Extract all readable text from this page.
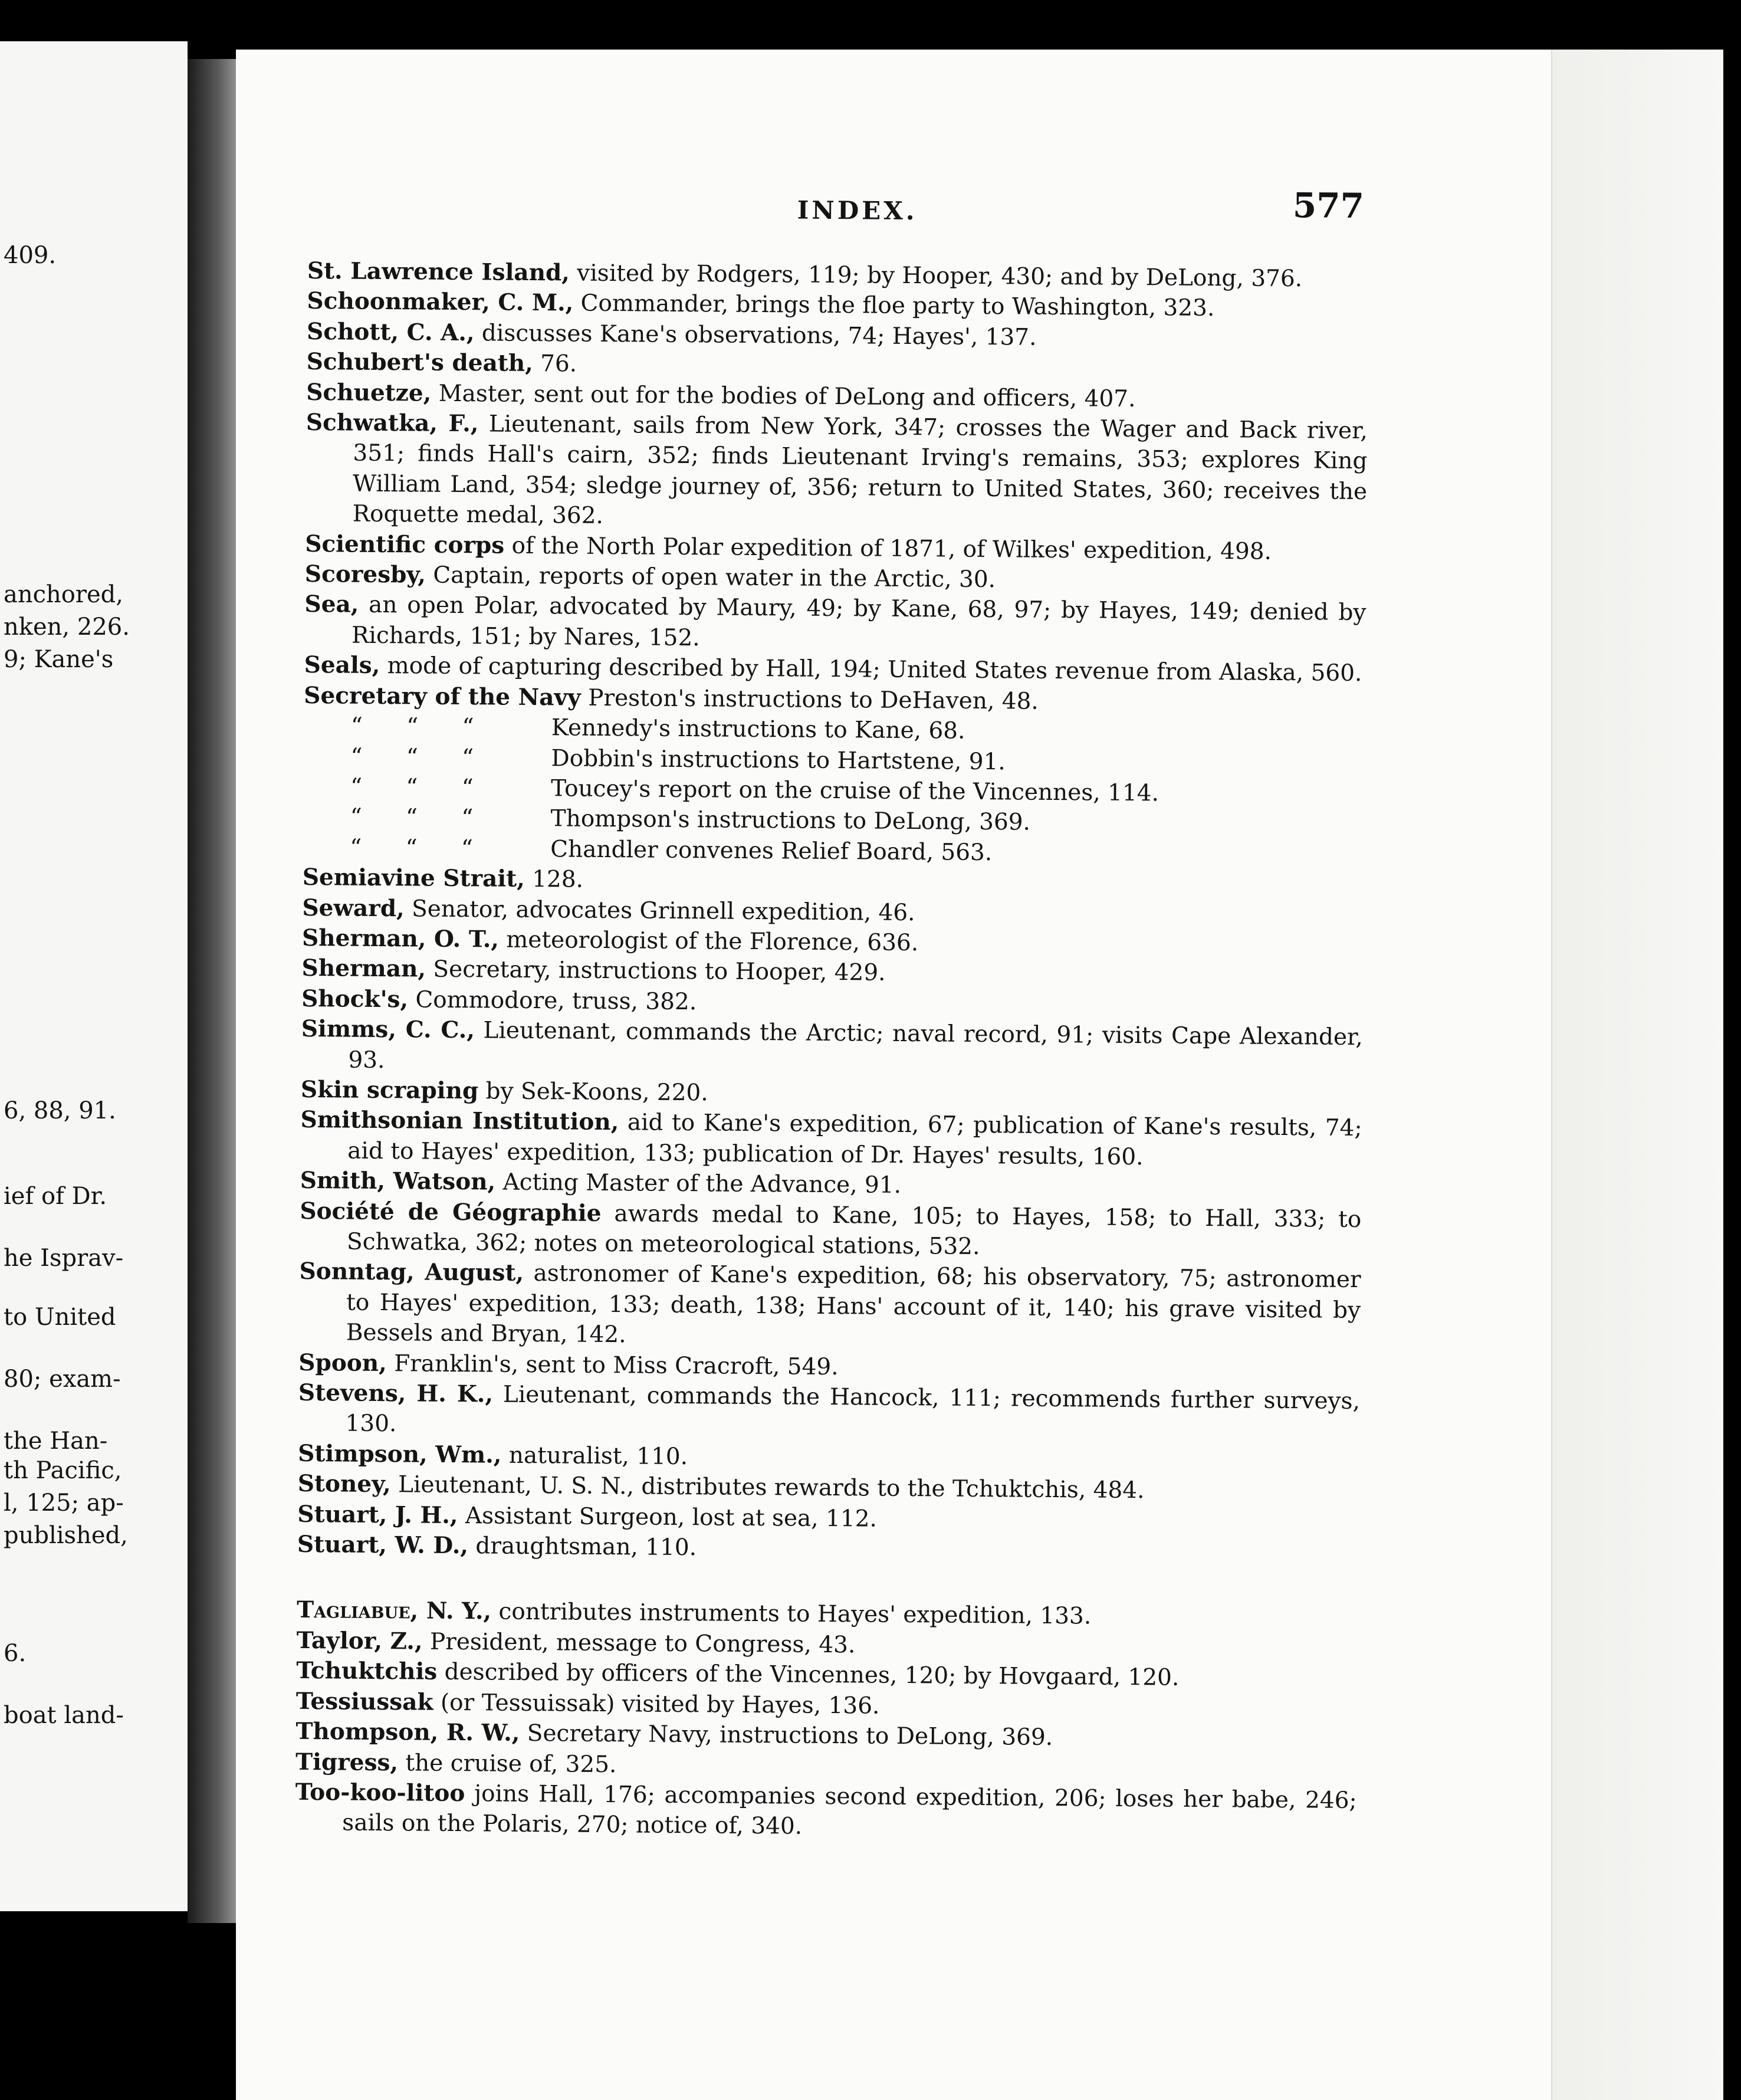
409.
anchored,
nken, 226.
9; Kane's
6, 88, 91.
ief of Dr.
he Isprav-
to United
80; exam-
the Han-
th Pacific,
l, 125; ap-
published,
6.
boat land-
INDEX.	577
St. Lawrence Island, visited by Rodgers, 119; by Hooper, 430; and by DeLong, 376.
Schoonmaker, C. M., Commander, brings the floe party to Washington, 323.
Schott, C. A., discusses Kane's observations, 74; Hayes', 137.
Schubert's death, 76.
Schuetze, Master, sent out for the bodies of DeLong and officers, 407.
Schwatka, F., Lieutenant, sails from New York, 347; crosses the Wager and Back river, 351; finds Hall's cairn, 352; finds Lieutenant Irving's remains, 353; explores King William Land, 354; sledge journey of, 356; return to United States, 360; receives the Roquette medal, 362.
Scientific corps of the North Polar expedition of 1871, of Wilkes' expedition, 498.
Scoresby, Captain, reports of open water in the Arctic, 30.
Sea, an open Polar, advocated by Maury, 49; by Kane, 68, 97; by Hayes, 149; denied by Richards, 151; by Nares, 152.
Seals, mode of capturing described by Hall, 194; United States revenue from Alaska, 560.
Secretary of the Navy Preston's instructions to DeHaven, 48.
“      “      “	Kennedy's instructions to Kane, 68.
“      “      “	Dobbin's instructions to Hartstene, 91.
“      “      “	Toucey's report on the cruise of the Vincennes, 114.
“      “      “	Thompson's instructions to DeLong, 369.
“      “      “	Chandler convenes Relief Board, 563.
Semiavine Strait, 128.
Seward, Senator, advocates Grinnell expedition, 46.
Sherman, O. T., meteorologist of the Florence, 636.
Sherman, Secretary, instructions to Hooper, 429.
Shock's, Commodore, truss, 382.
Simms, C. C., Lieutenant, commands the Arctic; naval record, 91; visits Cape Alexander, 93.
Skin scraping by Sek-Koons, 220.
Smithsonian Institution, aid to Kane's expedition, 67; publication of Kane's results, 74; aid to Hayes' expedition, 133; publication of Dr. Hayes' results, 160.
Smith, Watson, Acting Master of the Advance, 91.
Société de Géographie awards medal to Kane, 105; to Hayes, 158; to Hall, 333; to Schwatka, 362; notes on meteorological stations, 532.
Sonntag, August, astronomer of Kane's expedition, 68; his observatory, 75; astronomer to Hayes' expedition, 133; death, 138; Hans' account of it, 140; his grave visited by Bessels and Bryan, 142.
Spoon, Franklin's, sent to Miss Cracroft, 549.
Stevens, H. K., Lieutenant, commands the Hancock, 111; recommends further surveys, 130.
Stimpson, Wm., naturalist, 110.
Stoney, Lieutenant, U. S. N., distributes rewards to the Tchuktchis, 484.
Stuart, J. H., Assistant Surgeon, lost at sea, 112.
Stuart, W. D., draughtsman, 110.
Tagliabue, N. Y., contributes instruments to Hayes' expedition, 133.
Taylor, Z., President, message to Congress, 43.
Tchuktchis described by officers of the Vincennes, 120; by Hovgaard, 120.
Tessiussak (or Tessuissak) visited by Hayes, 136.
Thompson, R. W., Secretary Navy, instructions to DeLong, 369.
Tigress, the cruise of, 325.
Too-koo-litoo joins Hall, 176; accompanies second expedition, 206; loses her babe, 246; sails on the Polaris, 270; notice of, 340.
